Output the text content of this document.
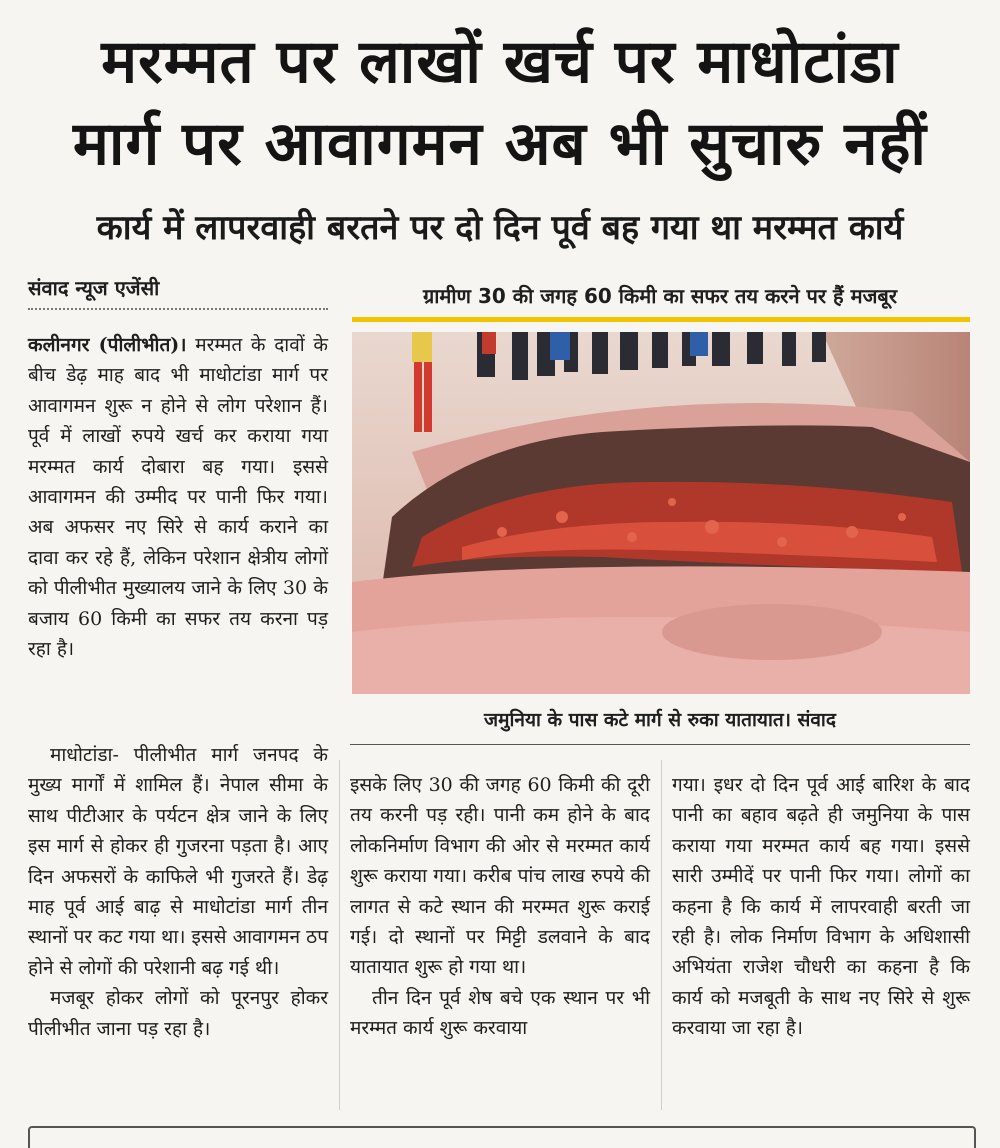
मरम्मत पर लाखों खर्च पर माधोटांडा
मार्ग पर आवागमन अब भी सुचारु नहीं
कार्य में लापरवाही बरतने पर दो दिन पूर्व बह गया था मरम्मत कार्य
संवाद न्यूज एजेंसी	ग्रामीण 30 की जगह 60 किमी का सफर तय करने पर हैं मजबूर
जमुनिया के पास कटे मार्ग से रुका यातायात। संवाद

कलीनगर (पीलीभीत)। मरम्मत के दावों के बीच डेढ़ माह बाद भी माधोटांडा मार्ग पर आवागमन शुरू न होने से लोग परेशान हैं। पूर्व में लाखों रुपये खर्च कर कराया गया मरम्मत कार्य दोबारा बह गया। इससे आवागमन की उम्मीद पर पानी फिर गया। अब अफसर नए सिरे से कार्य कराने का दावा कर रहे हैं, लेकिन परेशान क्षेत्रीय लोगों को पीलीभीत मुख्यालय जाने के लिए 30 के बजाय 60 किमी का सफर तय करना पड़ रहा है।

माधोटांडा- पीलीभीत मार्ग जनपद के मुख्य मार्गों में शामिल हैं। नेपाल सीमा के साथ पीटीआर के पर्यटन क्षेत्र जाने के लिए इस मार्ग से होकर ही गुजरना पड़ता है। आए दिन अफसरों के काफिले भी गुजरते हैं। डेढ़ माह पूर्व आई बाढ़ से माधोटांडा मार्ग तीन स्थानों पर कट गया था। इससे आवागमन ठप होने से लोगों की परेशानी बढ़ गई थी।

मजबूर होकर लोगों को पूरनपुर होकर पीलीभीत जाना पड़ रहा है।

इसके लिए 30 की जगह 60 किमी की दूरी तय करनी पड़ रही। पानी कम होने के बाद लोकनिर्माण विभाग की ओर से मरम्मत कार्य शुरू कराया गया। करीब पांच लाख रुपये की लागत से कटे स्थान की मरम्मत शुरू कराई गई। दो स्थानों पर मिट्टी डलवाने के बाद यातायात शुरू हो गया था।

तीन दिन पूर्व शेष बचे एक स्थान पर भी मरम्मत कार्य शुरू करवाया

गया। इधर दो दिन पूर्व आई बारिश के बाद पानी का बहाव बढ़ते ही जमुनिया के पास कराया गया मरम्मत कार्य बह गया। इससे सारी उम्मीदें पर पानी फिर गया। लोगों का कहना है कि कार्य में लापरवाही बरती जा रही है। लोक निर्माण विभाग के अधिशासी अभियंता राजेश चौधरी का कहना है कि कार्य को मजबूती के साथ नए सिरे से शुरू करवाया जा रहा है।
